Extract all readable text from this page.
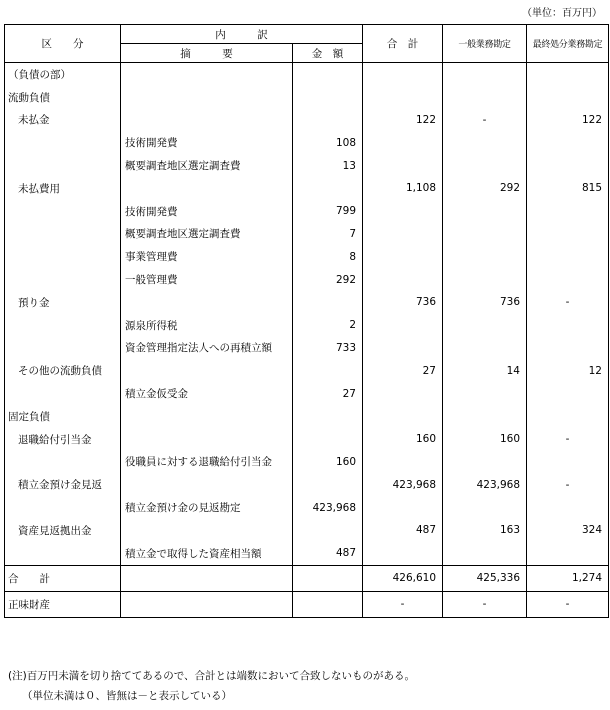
（単位：百万円）
区　　分	内　　　訳		合　計	一般業務勘定	最終処分業務勘定
	摘　　　要	金　額			
（負債の部）					
流動負債					
未払金			122	-	122
	技術開発費	108			
	概要調査地区選定調査費	13			
未払費用			1,108	292	815
	技術開発費	799			
	概要調査地区選定調査費	7			
	事業管理費	8			
	一般管理費	292			
預り金			736	736	-
	源泉所得税	2			
	資金管理指定法人への再積立額	733			
その他の流動負債			27	14	12
	積立金仮受金	27			
固定負債					
退職給付引当金			160	160	-
	役職員に対する退職給付引当金	160			
積立金預け金見返			423,968	423,968	-
	積立金預け金の見返勘定	423,968			
資産見返拠出金			487	163	324
	積立金で取得した資産相当額	487			
合　　計			426,610	425,336	1,274
正味財産			-	-	-
(注)百万円未満を切り捨ててあるので、合計とは端数において合致しないものがある。
（単位未満は０、皆無は－と表示している）
